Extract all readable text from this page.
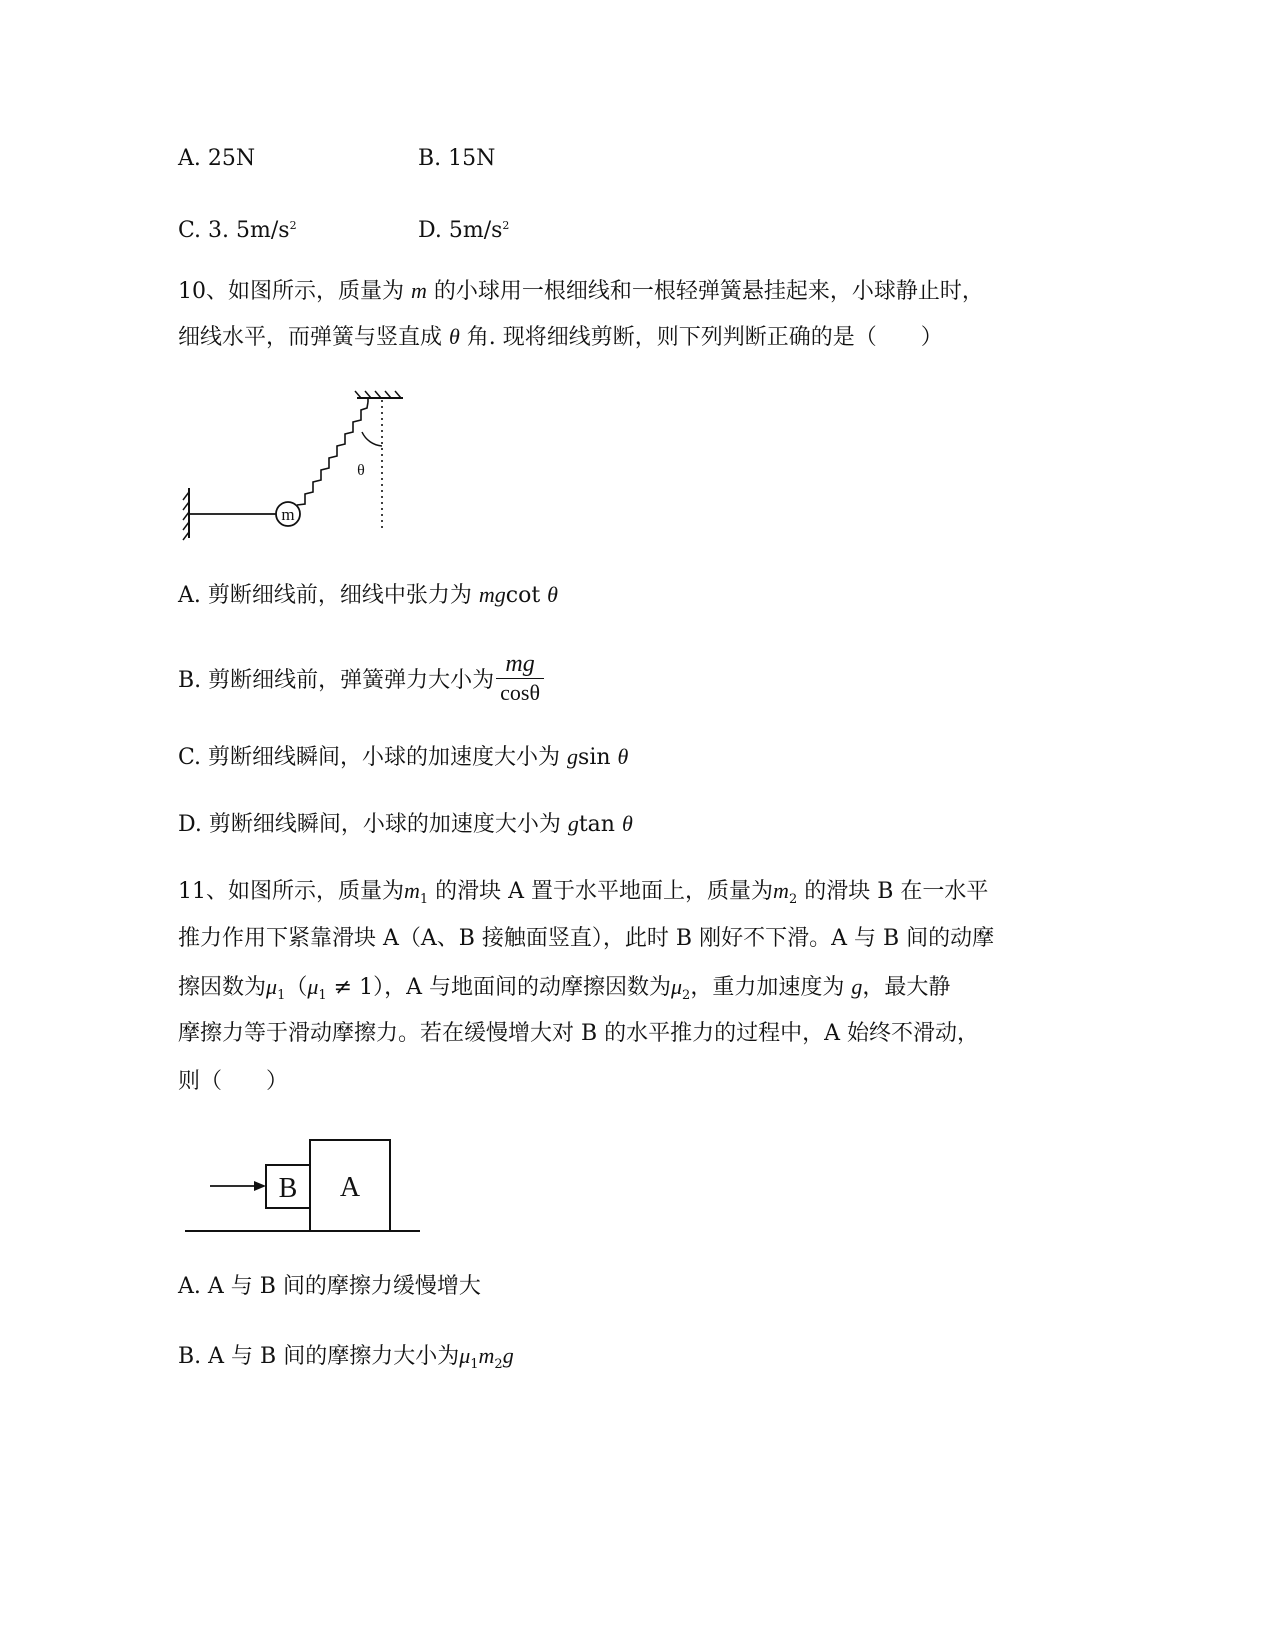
A. 25N	B. 15N
C. 3. $5m/s^2$	D. $5m/s^2$
10、如图所示，质量为 m 的小球用一根细线和一根轻弹簧悬挂起来，小球静止时，
细线水平，而弹簧与竖直成 θ 角. 现将细线剪断，则下列判断正确的是（　　）
m
θ
A. 剪断细线前，细线中张力为 mgcot θ
B. 剪断细线前，弹簧弹力大小为 $\frac{mg}{\cos\theta}$
C. 剪断细线瞬间，小球的加速度大小为 gsin θ
D. 剪断细线瞬间，小球的加速度大小为 gtan θ
11、如图所示，质量为$m_1$ 的滑块 A 置于水平地面上，质量为$m_2$ 的滑块 B 在一水平
推力作用下紧靠滑块 A（A、B 接触面竖直），此时 B 刚好不下滑。A 与 B 间的动摩
擦因数为$\mu_1(\mu_1 \ne 1)$，A 与地面间的动摩擦因数为$\mu_2$，重力加速度为 g，最大静
摩擦力等于滑动摩擦力。若在缓慢增大对 B 的水平推力的过程中，A 始终不滑动，
则（　　）
A
B
A. A 与 B 间的摩擦力缓慢增大
B. A 与 B 间的摩擦力大小为$\mu_1m_2g$
